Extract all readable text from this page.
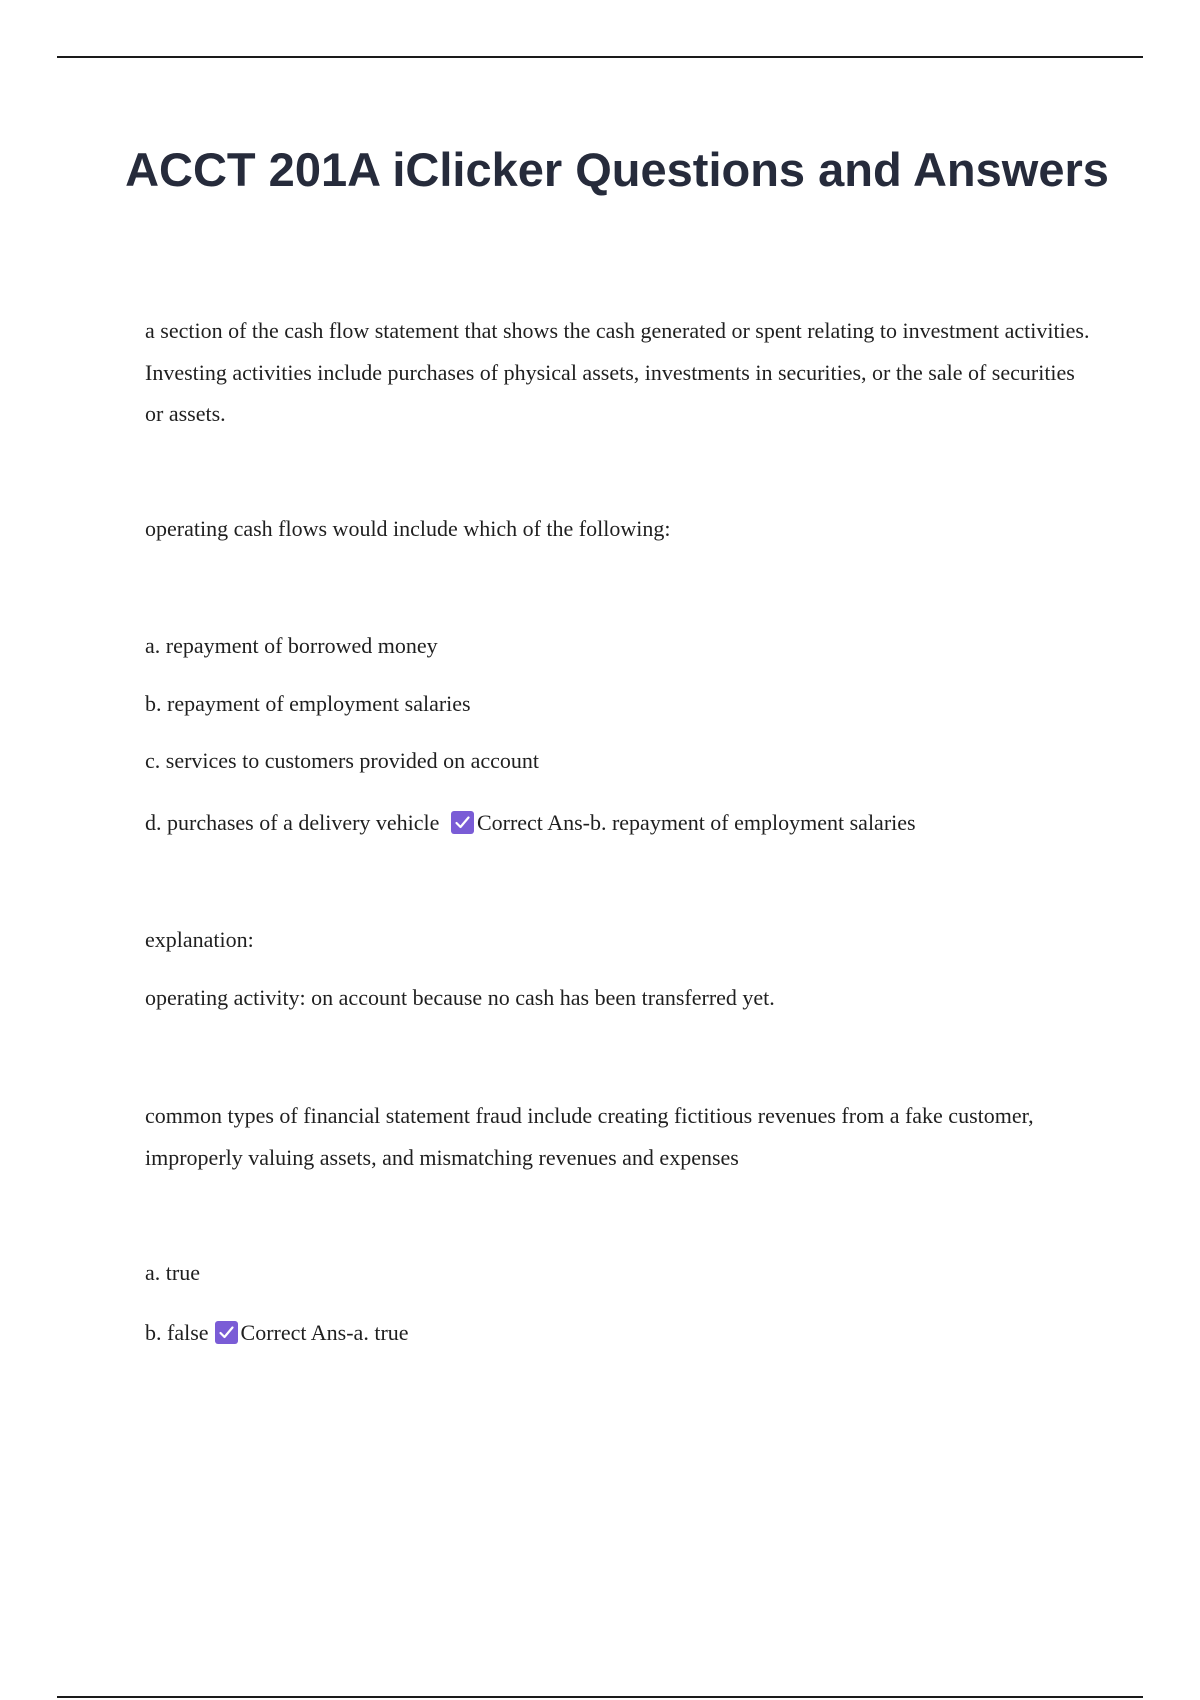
ACCT 201A iClicker Questions and Answers

a section of the cash flow statement that shows the cash generated or spent relating to investment activities. Investing activities include purchases of physical assets, investments in securities, or the sale of securities or assets.

operating cash flows would include which of the following:

a. repayment of borrowed money

b. repayment of employment salaries

c. services to customers provided on account

d. purchases of a delivery vehicle Correct Ans-b. repayment of employment salaries

explanation:

operating activity: on account because no cash has been transferred yet.

common types of financial statement fraud include creating fictitious revenues from a fake customer, improperly valuing assets, and mismatching revenues and expenses

a. true

b. false Correct Ans-a. true
